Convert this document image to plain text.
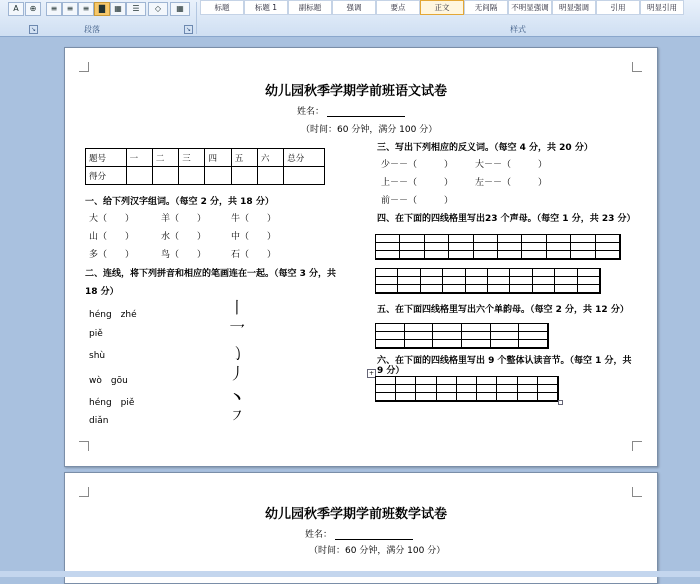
A	⊕	≡	≡	≡	▇	▦	☰	◇	▦
段落
↘	↘
标题	标题 1	副标题	强调	要点	正文	无间隔	不明显强调	明显强调	引用	明显引用
样式
幼儿园秋季学期学前班语文试卷
姓名：
（时间：60 分钟，满分 100 分）
题号	一	二	三	四	五	六	总分
得分							
一、给下列汉字组词。（每空 2 分，共 18 分）
大（　　）	羊（　　）	牛（　　）
山（　　）	水（　　）	中（　　）
多（　　）	鸟（　　）	石（　　）
二、连线，将下列拼音和相应的笔画连在一起。（每空 3 分，共
18 分）
héng　zhé
piě
shù
wò　gōu
héng　piě
diǎn
丨
乛
㇁
丿
丶
㇇
三、写出下列相应的反义词。（每空 4 分，共 20 分）
少－－（　　　） 大－－（　　　）
上－－（　　　） 左－－（　　　）
前－－（　　　）
四、在下面的四线格里写出23 个声母。（每空 1 分，共 23 分）
五、在下面四线格里写出六个单韵母。（每空 2 分，共 12 分）
六、在下面的四线格里写出 9 个整体认读音节。（每空 1 分，共
9 分）
+
幼儿园秋季学期学前班数学试卷
姓名：
（时间：60 分钟，满分 100 分）
